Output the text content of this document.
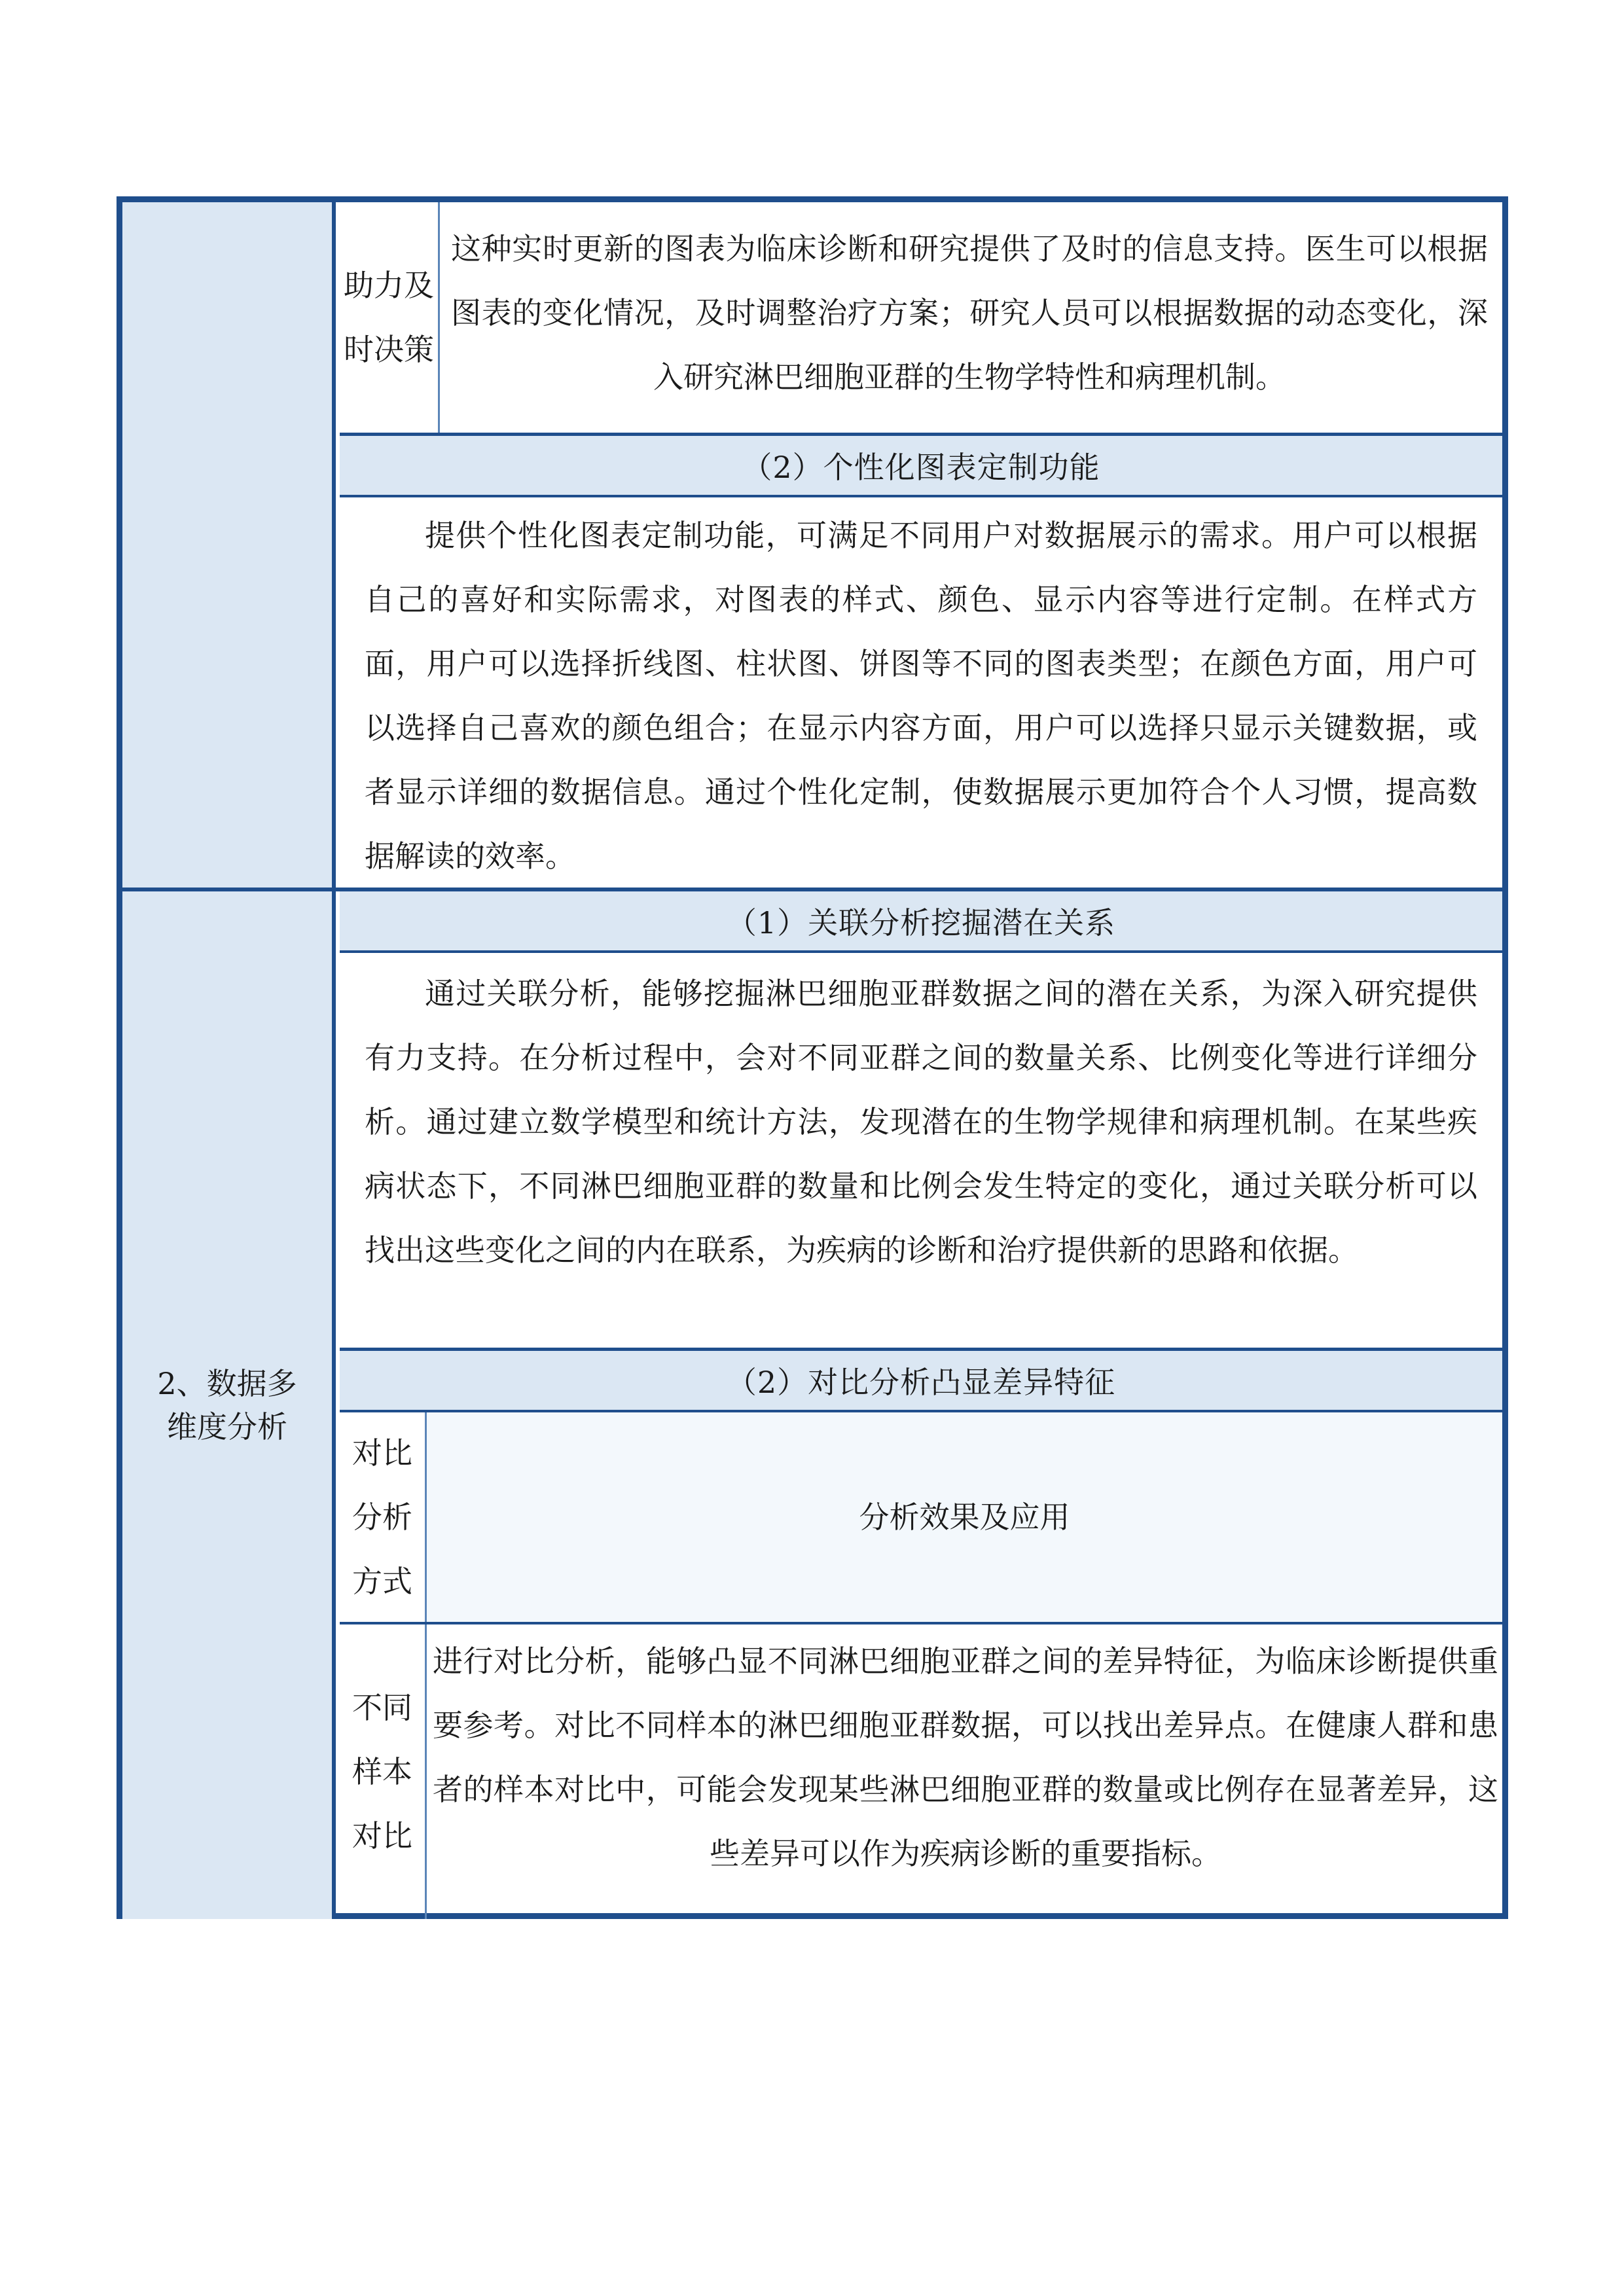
2、数据多维度分析
助力及时决策
这种实时更新的图表为临床诊断和研究提供了及时的信息支持。医生可以根据图表的变化情况，及时调整治疗方案；研究人员可以根据数据的动态变化，深入研究淋巴细胞亚群的生物学特性和病理机制。
（2）个性化图表定制功能
提供个性化图表定制功能，可满足不同用户对数据展示的需求。用户可以根据自己的喜好和实际需求，对图表的样式、颜色、显示内容等进行定制。在样式方面，用户可以选择折线图、柱状图、饼图等不同的图表类型；在颜色方面，用户可以选择自己喜欢的颜色组合；在显示内容方面，用户可以选择只显示关键数据，或者显示详细的数据信息。通过个性化定制，使数据展示更加符合个人习惯，提高数据解读的效率。
（1）关联分析挖掘潜在关系
通过关联分析，能够挖掘淋巴细胞亚群数据之间的潜在关系，为深入研究提供有力支持。在分析过程中，会对不同亚群之间的数量关系、比例变化等进行详细分析。通过建立数学模型和统计方法，发现潜在的生物学规律和病理机制。在某些疾病状态下，不同淋巴细胞亚群的数量和比例会发生特定的变化，通过关联分析可以找出这些变化之间的内在联系，为疾病的诊断和治疗提供新的思路和依据。
（2）对比分析凸显差异特征
对比分析方式
分析效果及应用
不同样本对比
进行对比分析，能够凸显不同淋巴细胞亚群之间的差异特征，为临床诊断提供重要参考。对比不同样本的淋巴细胞亚群数据，可以找出差异点。在健康人群和患者的样本对比中，可能会发现某些淋巴细胞亚群的数量或比例存在显著差异，这些差异可以作为疾病诊断的重要指标。
